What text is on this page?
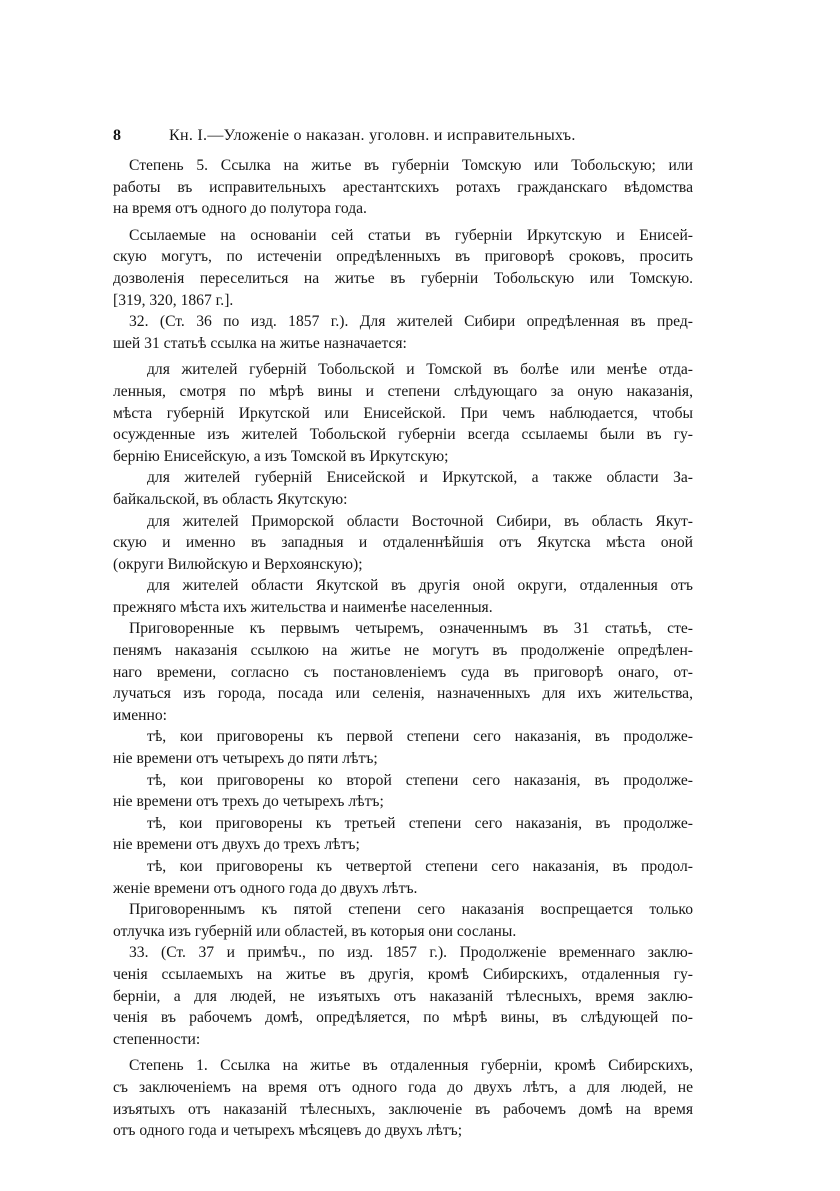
8	Кн. I.—Уложенiе о наказан. уголовн. и исправительныхъ.

Степень 5. Ссылка на житье въ губернiи Томскую или Тобольскую; или
работы въ исправительныхъ арестантскихъ ротахъ гражданскаго вѣдомства
на время отъ одного до полутора года.

Ссылаемые на основанiи сей статьи въ губернiи Иркутскую и Енисей-
скую могутъ, по истеченiи опредѣленныхъ въ приговорѣ сроковъ, просить
дозволенiя переселиться на житье въ губернiи Тобольскую или Томскую.
[319, 320, 1867 г.].

32. (Ст. 36 по изд. 1857 г.). Для жителей Сибири опредѣленная въ пред-
шей 31 статьѣ ссылка на житье назначается:

для жителей губернiй Тобольской и Томской въ болѣе или менѣе отда-
ленныя, смотря по мѣрѣ вины и степени слѣдующаго за оную наказанiя,
мѣста губернiй Иркутской или Енисейской. При чемъ наблюдается, чтобы
осужденные изъ жителей Тобольской губернiи всегда ссылаемы были въ гу-
бернiю Енисейскую, а изъ Томской въ Иркутскую;

для жителей губернiй Енисейской и Иркутской, а также области За-
байкальской, въ область Якутскую:

для жителей Приморской области Восточной Сибири, въ область Якут-
скую и именно въ западныя и отдаленнѣйшiя отъ Якутска мѣста оной
(округи Вилюйскую и Верхоянскую);

для жителей области Якутской въ другiя оной округи, отдаленныя отъ
прежняго мѣста ихъ жительства и наименѣе населенныя.

Приговоренные къ первымъ четыремъ, означеннымъ въ 31 статьѣ, сте-
пенямъ наказанiя ссылкою на житье не могутъ въ продолженiе опредѣлен-
наго времени, согласно съ постановленiемъ суда въ приговорѣ онаго, от-
лучаться изъ города, посада или селенiя, назначенныхъ для ихъ жительства,
именно:

тѣ, кои приговорены къ первой степени сего наказанiя, въ продолже-
нiе времени отъ четырехъ до пяти лѣтъ;

тѣ, кои приговорены ко второй степени сего наказанiя, въ продолже-
нiе времени отъ трехъ до четырехъ лѣтъ;

тѣ, кои приговорены къ третьей степени сего наказанiя, въ продолже-
нiе времени отъ двухъ до трехъ лѣтъ;

тѣ, кои приговорены къ четвертой степени сего наказанiя, въ продол-
женiе времени отъ одного года до двухъ лѣтъ.

Приговореннымъ къ пятой степени сего наказанiя воспрещается только
отлучка изъ губернiй или областей, въ которыя они сосланы.

33. (Ст. 37 и примѣч., по изд. 1857 г.). Продолженiе временнаго заклю-
ченiя ссылаемыхъ на житье въ другiя, кромѣ Сибирскихъ, отдаленныя гу-
бернiи, а для людей, не изъятыхъ отъ наказанiй тѣлесныхъ, время заклю-
ченiя въ рабочемъ домѣ, опредѣляется, по мѣрѣ вины, въ слѣдующей по-
степенности:

Степень 1. Ссылка на житье въ отдаленныя губернiи, кромѣ Сибирскихъ,
съ заключенiемъ на время отъ одного года до двухъ лѣтъ, а для людей, не
изъятыхъ отъ наказанiй тѣлесныхъ, заключенiе въ рабочемъ домѣ на время
отъ одного года и четырехъ мѣсяцевъ до двухъ лѣтъ;
